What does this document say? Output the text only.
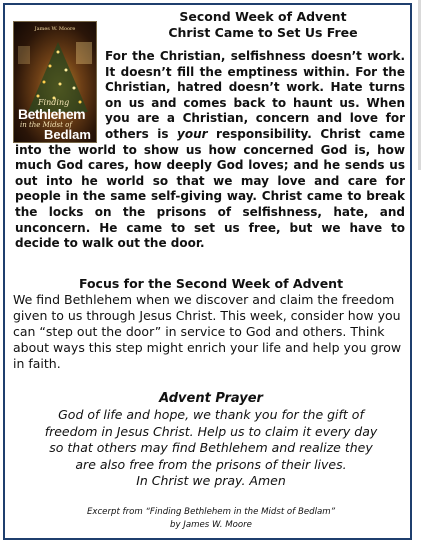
James W. Moore
Finding
Bethlehem
in the Midst of
Bedlam
Second Week of Advent
Christ Came to Set Us Free
For the Christian, selfishness doesn’t work. It doesn’t fill the emptiness within. For the Christian, hatred doesn’t work. Hate turns on us and comes back to haunt us. When you are a Christian, concern and love for others is your responsibility. Christ came into the world to show us how concerned God is, how much God cares, how deeply God loves; and he sends us out into he world so that we may love and care for people in the same self-giving way. Christ came to break the locks on the prisons of selfishness, hate, and unconcern. He came to set us free, but we have to decide to walk out the door.
Focus for the Second Week of Advent
We find Bethlehem when we discover and claim the freedom given to us through Jesus Christ. This week, consider how you can “step out the door” in service to God and others. Think about ways this step might enrich your life and help you grow in faith.
Advent Prayer
God of life and hope, we thank you for the gift of
freedom in Jesus Christ. Help us to claim it every day
so that others may find Bethlehem and realize they
are also free from the prisons of their lives.
In Christ we pray. Amen
Excerpt from “Finding Bethlehem in the Midst of Bedlam”
by James W. Moore
